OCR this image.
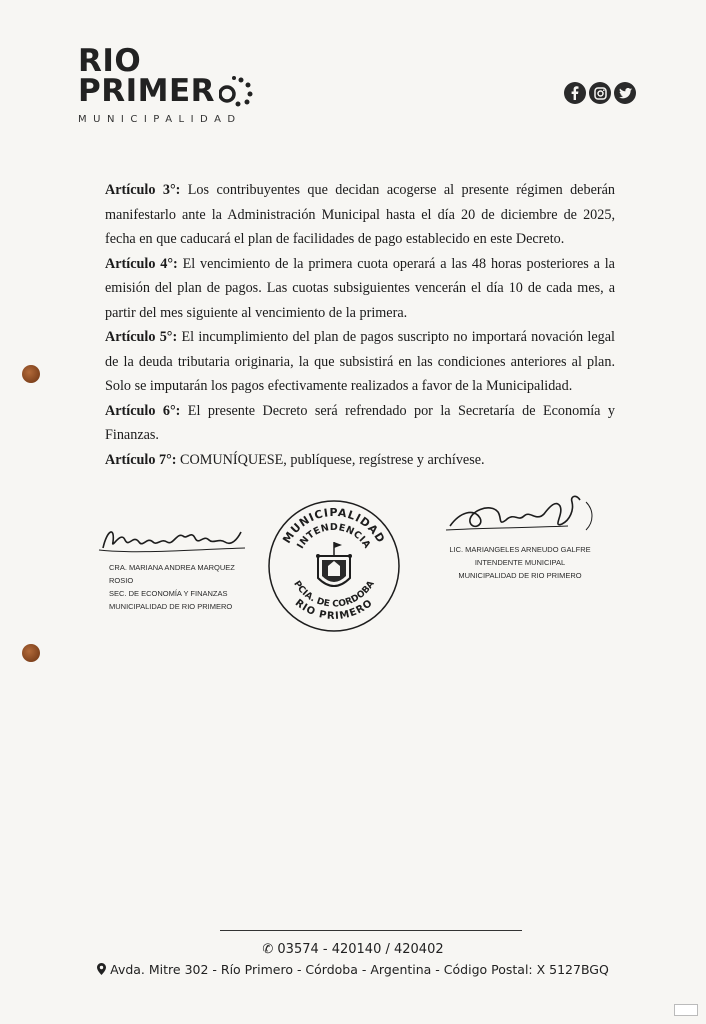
RIO
PRIMER
MUNICIPALIDAD

Artículo 3°: Los contribuyentes que decidan acogerse al presente régimen deberán manifestarlo ante la Administración Municipal hasta el día 20 de diciembre de 2025, fecha en que caducará el plan de facilidades de pago establecido en este Decreto.

Artículo 4°: El vencimiento de la primera cuota operará a las 48 horas posteriores a la emisión del plan de pagos. Las cuotas subsiguientes vencerán el día 10 de cada mes, a partir del mes siguiente al vencimiento de la primera.

Artículo 5°: El incumplimiento del plan de pagos suscripto no importará novación legal de la deuda tributaria originaria, la que subsistirá en las condiciones anteriores al plan. Solo se imputarán los pagos efectivamente realizados a favor de la Municipalidad.

Artículo 6°: El presente Decreto será refrendado por la Secretaría de Economía y Finanzas.

Artículo 7°: COMUNÍQUESE, publíquese, regístrese y archívese.

CRA. MARIANA ANDREA MARQUEZ ROSIO
SEC. DE ECONOMÍA Y FINANZAS
MUNICIPALIDAD DE RIO PRIMERO
MUNICIPALIDAD
INTENDENCIA
PCIA. DE CORDOBA
RIO PRIMERO
LIC. MARIANGELES ARNEUDO GALFRE
INTENDENTE MUNICIPAL
MUNICIPALIDAD DE RIO PRIMERO
✆ 03574 - 420140 / 420402
Avda. Mitre 302 - Río Primero - Córdoba - Argentina - Código Postal: X 5127BGQ
